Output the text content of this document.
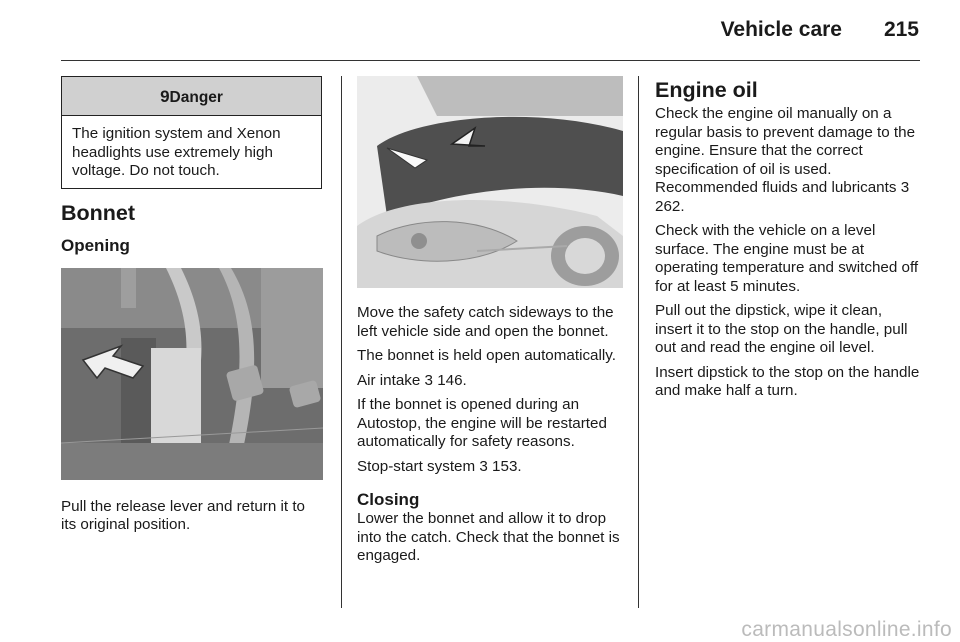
Vehicle care 215
9Danger

The ignition system and Xenon headlights use extremely high voltage. Do not touch.

Bonnet

Opening

Pull the release lever and return it to its original position.

Move the safety catch sideways to the left vehicle side and open the bonnet.

The bonnet is held open automatically.

Air intake 3 146.

If the bonnet is opened during an Autostop, the engine will be restarted automatically for safety reasons.

Stop-start system 3 153.

Closing

Lower the bonnet and allow it to drop into the catch. Check that the bonnet is engaged.

Engine oil

Check the engine oil manually on a regular basis to prevent damage to the engine. Ensure that the correct specification of oil is used. Recommended fluids and lubricants 3 262.

Check with the vehicle on a level surface. The engine must be at operating temperature and switched off for at least 5 minutes.

Pull out the dipstick, wipe it clean, insert it to the stop on the handle, pull out and read the engine oil level.

Insert dipstick to the stop on the handle and make half a turn.

carmanualsonline.info
